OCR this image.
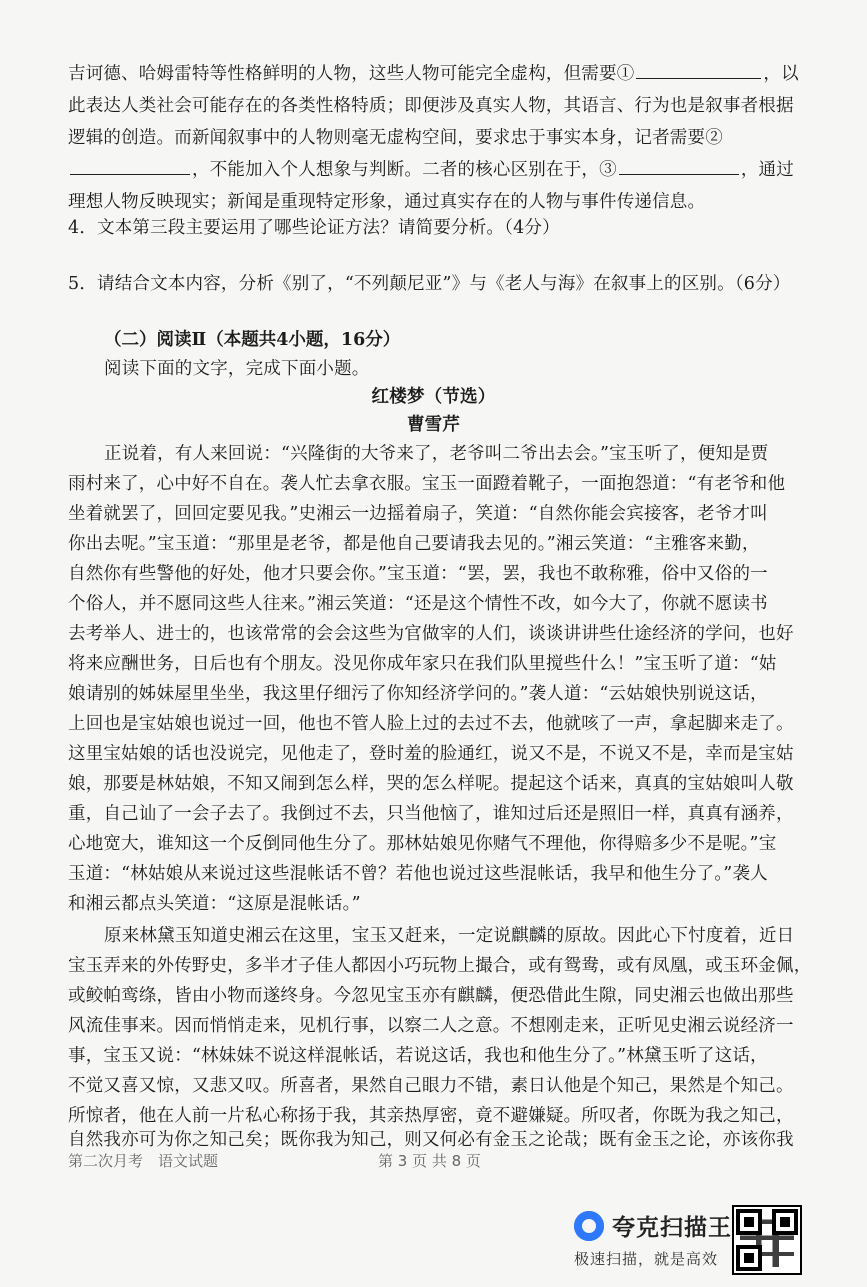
吉诃德、哈姆雷特等性格鲜明的人物，这些人物可能完全虚构，但需要①	，以
此表达人类社会可能存在的各类性格特质；即便涉及真实人物，其语言、行为也是叙事者根据
逻辑的创造。而新闻叙事中的人物则毫无虚构空间，要求忠于事实本身，记者需要②
，不能加入个人想象与判断。二者的核心区别在于，③	，通过
理想人物反映现实；新闻是重现特定形象，通过真实存在的人物与事件传递信息。
4．文本第三段主要运用了哪些论证方法？请简要分析。（4分）
5．请结合文本内容，分析《别了，“不列颠尼亚”》与《老人与海》在叙事上的区别。（6分）
（二）阅读Ⅱ（本题共4小题，16分）
阅读下面的文字，完成下面小题。
红楼梦（节选）
曹雪芹
正说着，有人来回说：“兴隆街的大爷来了，老爷叫二爷出去会。”宝玉听了，便知是贾
雨村来了，心中好不自在。袭人忙去拿衣服。宝玉一面蹬着靴子，一面抱怨道：“有老爷和他
坐着就罢了，回回定要见我。”史湘云一边摇着扇子，笑道：“自然你能会宾接客，老爷才叫
你出去呢。”宝玉道：“那里是老爷，都是他自己要请我去见的。”湘云笑道：“主雅客来勤，
自然你有些警他的好处，他才只要会你。”宝玉道：“罢，罢，我也不敢称雅，俗中又俗的一
个俗人，并不愿同这些人往来。”湘云笑道：“还是这个情性不改，如今大了，你就不愿读书
去考举人、进士的，也该常常的会会这些为官做宰的人们，谈谈讲讲些仕途经济的学问，也好
将来应酬世务，日后也有个朋友。没见你成年家只在我们队里搅些什么！”宝玉听了道：“姑
娘请别的姊妹屋里坐坐，我这里仔细污了你知经济学问的。”袭人道：“云姑娘快别说这话，
上回也是宝姑娘也说过一回，他也不管人脸上过的去过不去，他就咳了一声，拿起脚来走了。
这里宝姑娘的话也没说完，见他走了，登时羞的脸通红，说又不是，不说又不是，幸而是宝姑
娘，那要是林姑娘，不知又闹到怎么样，哭的怎么样呢。提起这个话来，真真的宝姑娘叫人敬
重，自己讪了一会子去了。我倒过不去，只当他恼了，谁知过后还是照旧一样，真真有涵养，
心地宽大，谁知这一个反倒同他生分了。那林姑娘见你赌气不理他，你得赔多少不是呢。”宝
玉道：“林姑娘从来说过这些混帐话不曾？若他也说过这些混帐话，我早和他生分了。”袭人
和湘云都点头笑道：“这原是混帐话。”
原来林黛玉知道史湘云在这里，宝玉又赶来，一定说麒麟的原故。因此心下忖度着，近日
宝玉弄来的外传野史，多半才子佳人都因小巧玩物上撮合，或有鸳鸯，或有凤凰，或玉环金佩，
或鲛帕鸾绦，皆由小物而遂终身。今忽见宝玉亦有麒麟，便恐借此生隙，同史湘云也做出那些
风流佳事来。因而悄悄走来，见机行事，以察二人之意。不想刚走来，正听见史湘云说经济一
事，宝玉又说：“林妹妹不说这样混帐话，若说这话，我也和他生分了。”林黛玉听了这话，
不觉又喜又惊，又悲又叹。所喜者，果然自己眼力不错，素日认他是个知己，果然是个知己。
所惊者，他在人前一片私心称扬于我，其亲热厚密，竟不避嫌疑。所叹者，你既为我之知己，
自然我亦可为你之知己矣；既你我为知己，则又何必有金玉之论哉；既有金玉之论，亦该你我
第二次月考　语文试题	第 3 页 共 8 页
夸克扫描王
极速扫描，就是高效
